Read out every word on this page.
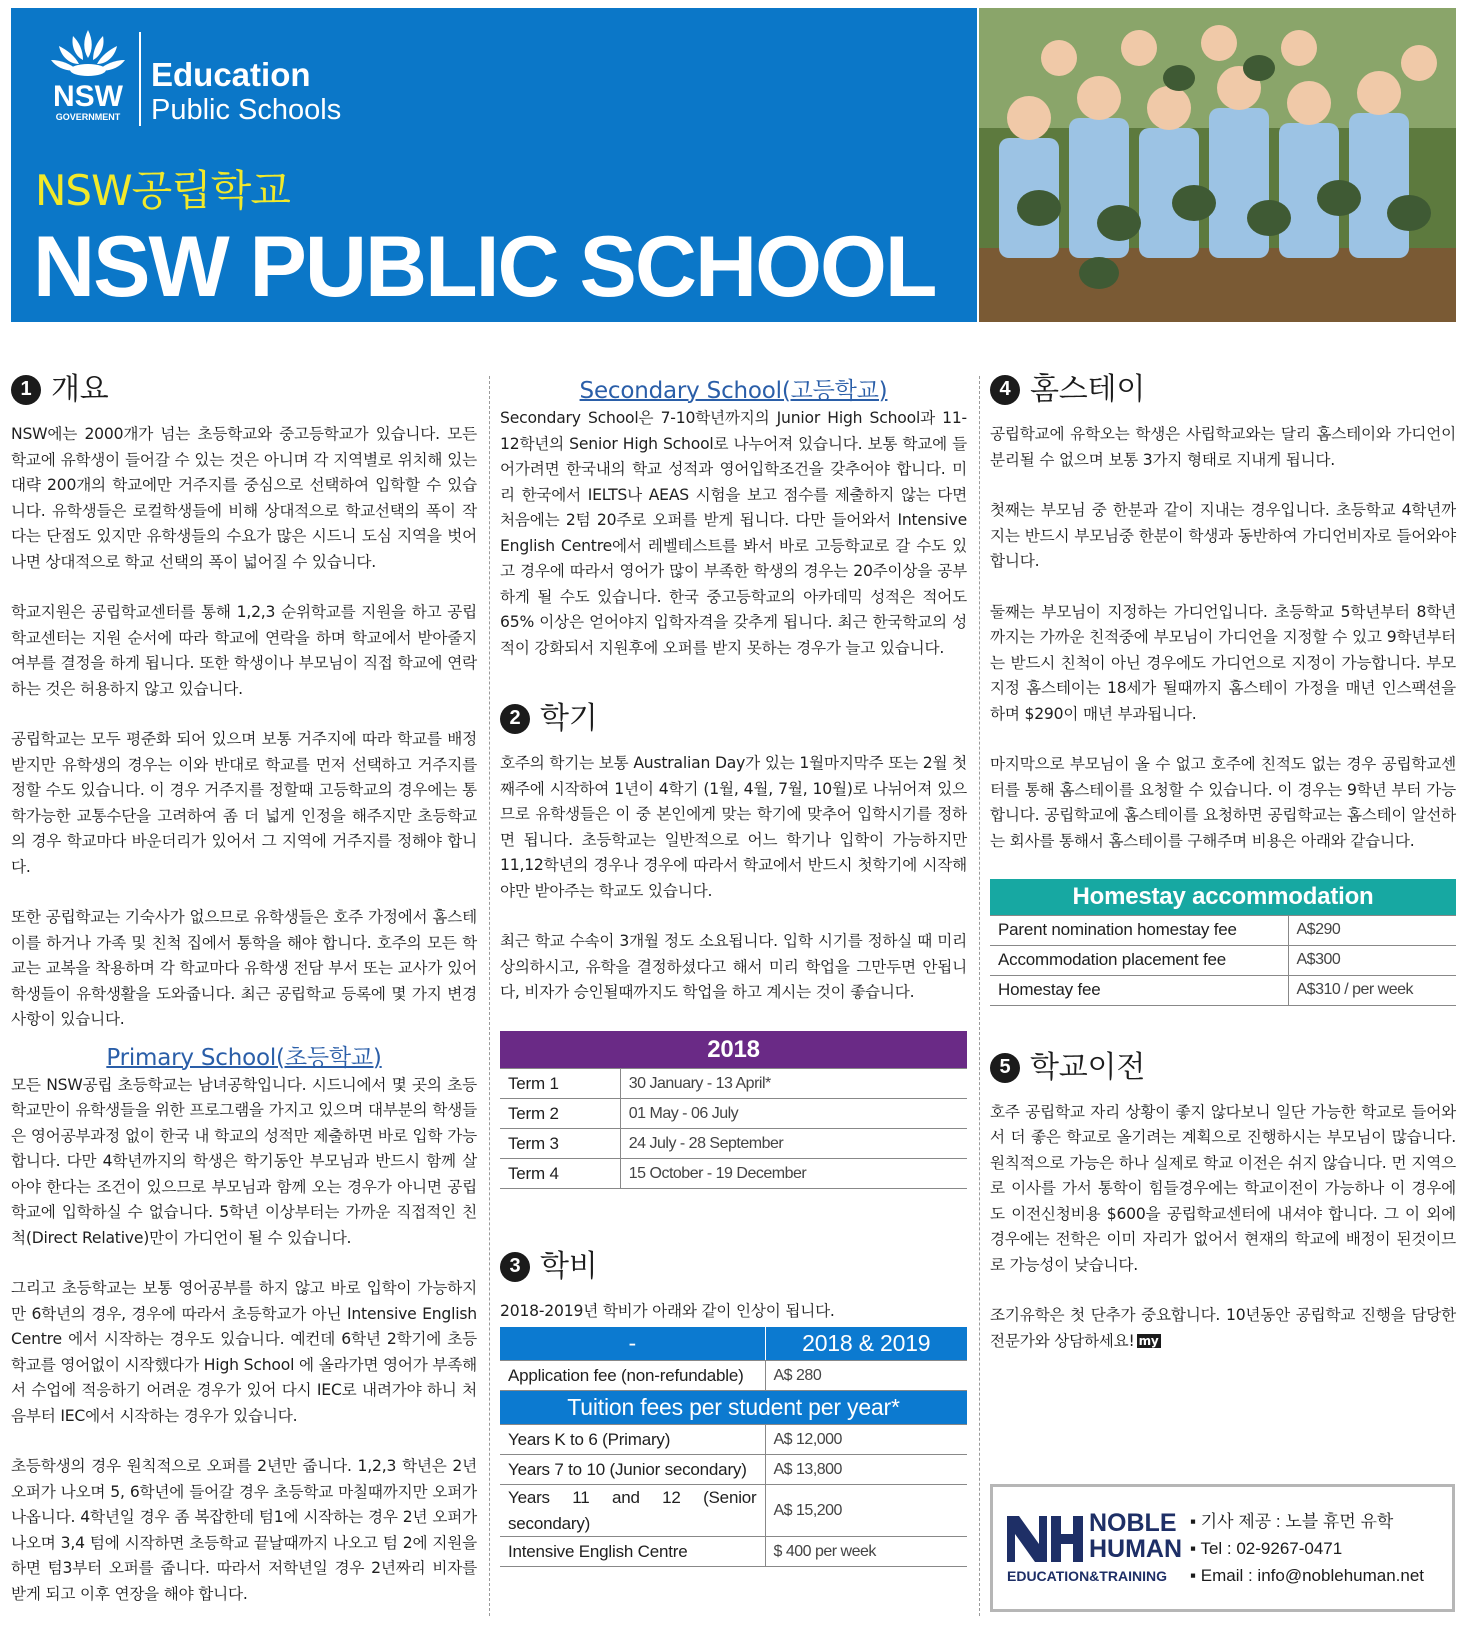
NSW
GOVERNMENT
Education
Public Schools
NSW공립학교
NSW PUBLIC SCHOOL
1 개요

NSW에는 2000개가 넘는 초등학교와 중고등학교가 있습니다. 모든 학교에 유학생이 들어갈 수 있는 것은 아니며 각 지역별로 위치해 있는 대략 200개의 학교에만 거주지를 중심으로 선택하여 입학할 수 있습니다. 유학생들은 로컬학생들에 비해 상대적으로 학교선택의 폭이 작다는 단점도 있지만 유학생들의 수요가 많은 시드니 도심 지역을 벗어나면 상대적으로 학교 선택의 폭이 넓어질 수 있습니다.

학교지원은 공립학교센터를 통해 1,2,3 순위학교를 지원을 하고 공립학교센터는 지원 순서에 따라 학교에 연락을 하며 학교에서 받아줄지 여부를 결정을 하게 됩니다. 또한 학생이나 부모님이 직접 학교에 연락하는 것은 허용하지 않고 있습니다.

공립학교는 모두 평준화 되어 있으며 보통 거주지에 따라 학교를 배정 받지만 유학생의 경우는 이와 반대로 학교를 먼저 선택하고 거주지를 정할 수도 있습니다. 이 경우 거주지를 정할때 고등학교의 경우에는 통학가능한 교통수단을 고려하여 좀 더 넓게 인정을 해주지만 초등학교의 경우 학교마다 바운더리가 있어서 그 지역에 거주지를 정해야 합니다.

또한 공립학교는 기숙사가 없으므로 유학생들은 호주 가정에서 홈스테이를 하거나 가족 및 친척 집에서 통학을 해야 합니다. 호주의 모든 학교는 교복을 착용하며 각 학교마다 유학생 전담 부서 또는 교사가 있어 학생들이 유학생활을 도와줍니다. 최근 공립학교 등록에 몇 가지 변경사항이 있습니다.

Primary School(초등학교)

모든 NSW공립 초등학교는 남녀공학입니다. 시드니에서 몇 곳의 초등학교만이 유학생들을 위한 프로그램을 가지고 있으며 대부분의 학생들은 영어공부과정 없이 한국 내 학교의 성적만 제출하면 바로 입학 가능합니다. 다만 4학년까지의 학생은 학기동안 부모님과 반드시 함께 살아야 한다는 조건이 있으므로 부모님과 함께 오는 경우가 아니면 공립학교에 입학하실 수 없습니다. 5학년 이상부터는 가까운 직접적인 친척(Direct Relative)만이 가디언이 될 수 있습니다.

그리고 초등학교는 보통 영어공부를 하지 않고 바로 입학이 가능하지만 6학년의 경우, 경우에 따라서 초등학교가 아닌 Intensive English Centre 에서 시작하는 경우도 있습니다. 예컨데 6학년 2학기에 초등학교를 영어없이 시작했다가 High School 에 올라가면 영어가 부족해서 수업에 적응하기 어려운 경우가 있어 다시 IEC로 내려가야 하니 처음부터 IEC에서 시작하는 경우가 있습니다.

초등학생의 경우 원칙적으로 오퍼를 2년만 줍니다. 1,2,3 학년은 2년 오퍼가 나오며 5, 6학년에 들어갈 경우 초등학교 마칠때까지만 오퍼가 나옵니다. 4학년일 경우 좀 복잡한데 텀1에 시작하는 경우 2년 오퍼가 나오며 3,4 텀에 시작하면 초등학교 끝날때까지 나오고 텀 2에 지원을 하면 텀3부터 오퍼를 줍니다. 따라서 저학년일 경우 2년짜리 비자를 받게 되고 이후 연장을 해야 합니다.

Secondary School(고등학교)

Secondary School은 7-10학년까지의 Junior High School과 11-12학년의 Senior High School로 나누어져 있습니다. 보통 학교에 들어가려면 한국내의 학교 성적과 영어입학조건을 갖추어야 합니다. 미리 한국에서 IELTS나 AEAS 시험을 보고 점수를 제출하지 않는 다면 처음에는 2텀 20주로 오퍼를 받게 됩니다. 다만 들어와서 Intensive English Centre에서 레벨테스트를 봐서 바로 고등학교로 갈 수도 있고 경우에 따라서 영어가 많이 부족한 학생의 경우는 20주이상을 공부하게 될 수도 있습니다. 한국 중고등학교의 아카데믹 성적은 적어도 65% 이상은 얻어야지 입학자격을 갖추게 됩니다. 최근 한국학교의 성적이 강화되서 지원후에 오퍼를 받지 못하는 경우가 늘고 있습니다.

2 학기

호주의 학기는 보통 Australian Day가 있는 1월마지막주 또는 2월 첫째주에 시작하여 1년이 4학기 (1월, 4월, 7월, 10월)로 나뉘어져 있으므로 유학생들은 이 중 본인에게 맞는 학기에 맞추어 입학시기를 정하면 됩니다. 초등학교는 일반적으로 어느 학기나 입학이 가능하지만 11,12학년의 경우나 경우에 따라서 학교에서 반드시 첫학기에 시작해야만 받아주는 학교도 있습니다.

최근 학교 수속이 3개월 정도 소요됩니다. 입학 시기를 정하실 때 미리 상의하시고, 유학을 결정하셨다고 해서 미리 학업을 그만두면 안됩니다, 비자가 승인될때까지도 학업을 하고 계시는 것이 좋습니다.

2018	
Term 1	30 January - 13 April*
Term 2	01 May - 06 July
Term 3	24 July - 28 September
Term 4	15 October - 19 December
3 학비

2018-2019년 학비가 아래와 같이 인상이 됩니다.

-	2018 & 2019
Application fee (non-refundable)	A$ 280
Tuition fees per student per year*	
Years K to 6 (Primary)	A$ 12,000
Years 7 to 10 (Junior secondary)	A$ 13,800
Years 11 and 12 (Senior secondary)	A$ 15,200
Intensive English Centre	$ 400 per week
4 홈스테이

공립학교에 유학오는 학생은 사립학교와는 달리 홈스테이와 가디언이 분리될 수 없으며 보통 3가지 형태로 지내게 됩니다.

첫째는 부모님 중 한분과 같이 지내는 경우입니다. 초등학교 4학년까지는 반드시 부모님중 한분이 학생과 동반하여 가디언비자로 들어와야 합니다.

둘째는 부모님이 지정하는 가디언입니다. 초등학교 5학년부터 8학년까지는 가까운 친적중에 부모님이 가디언을 지정할 수 있고 9학년부터는 받드시 친척이 아닌 경우에도 가디언으로 지정이 가능합니다. 부모지정 홈스테이는 18세가 될때까지 홈스테이 가정을 매년 인스팩션을 하며 $290이 매년 부과됩니다.

마지막으로 부모님이 올 수 없고 호주에 친적도 없는 경우 공립학교센터를 통해 홈스테이를 요청할 수 있습니다. 이 경우는 9학년 부터 가능합니다. 공립학교에 홈스테이를 요청하면 공립학교는 홈스테이 알선하는 회사를 통해서 홈스테이를 구해주며 비용은 아래와 같습니다.

Homestay accommodation	
Parent nomination homestay fee	A$290
Accommodation placement fee	A$300
Homestay fee	A$310 / per week
5 학교이전

호주 공립학교 자리 상황이 좋지 않다보니 일단 가능한 학교로 들어와서 더 좋은 학교로 올기려는 계획으로 진행하시는 부모님이 많습니다. 원칙적으로 가능은 하나 실제로 학교 이전은 쉬지 않습니다. 먼 지역으로 이사를 가서 통학이 힘들경우에는 학교이전이 가능하나 이 경우에도 이전신청비용 $600을 공립학교센터에 내셔야 합니다. 그 이 외에 경우에는 전학은 이미 자리가 없어서 현재의 학교에 배정이 된것이므로 가능성이 낮습니다.

조기유학은 첫 단추가 중요합니다. 10년동안 공립학교 진행을 담당한 전문가와 상담하세요! my

NOBLE
HUMAN
EDUCATION&TRAINING
▪ 기사 제공 : 노블 휴먼 유학
▪ Tel : 02-9267-0471
▪ Email : info@noblehuman.net
